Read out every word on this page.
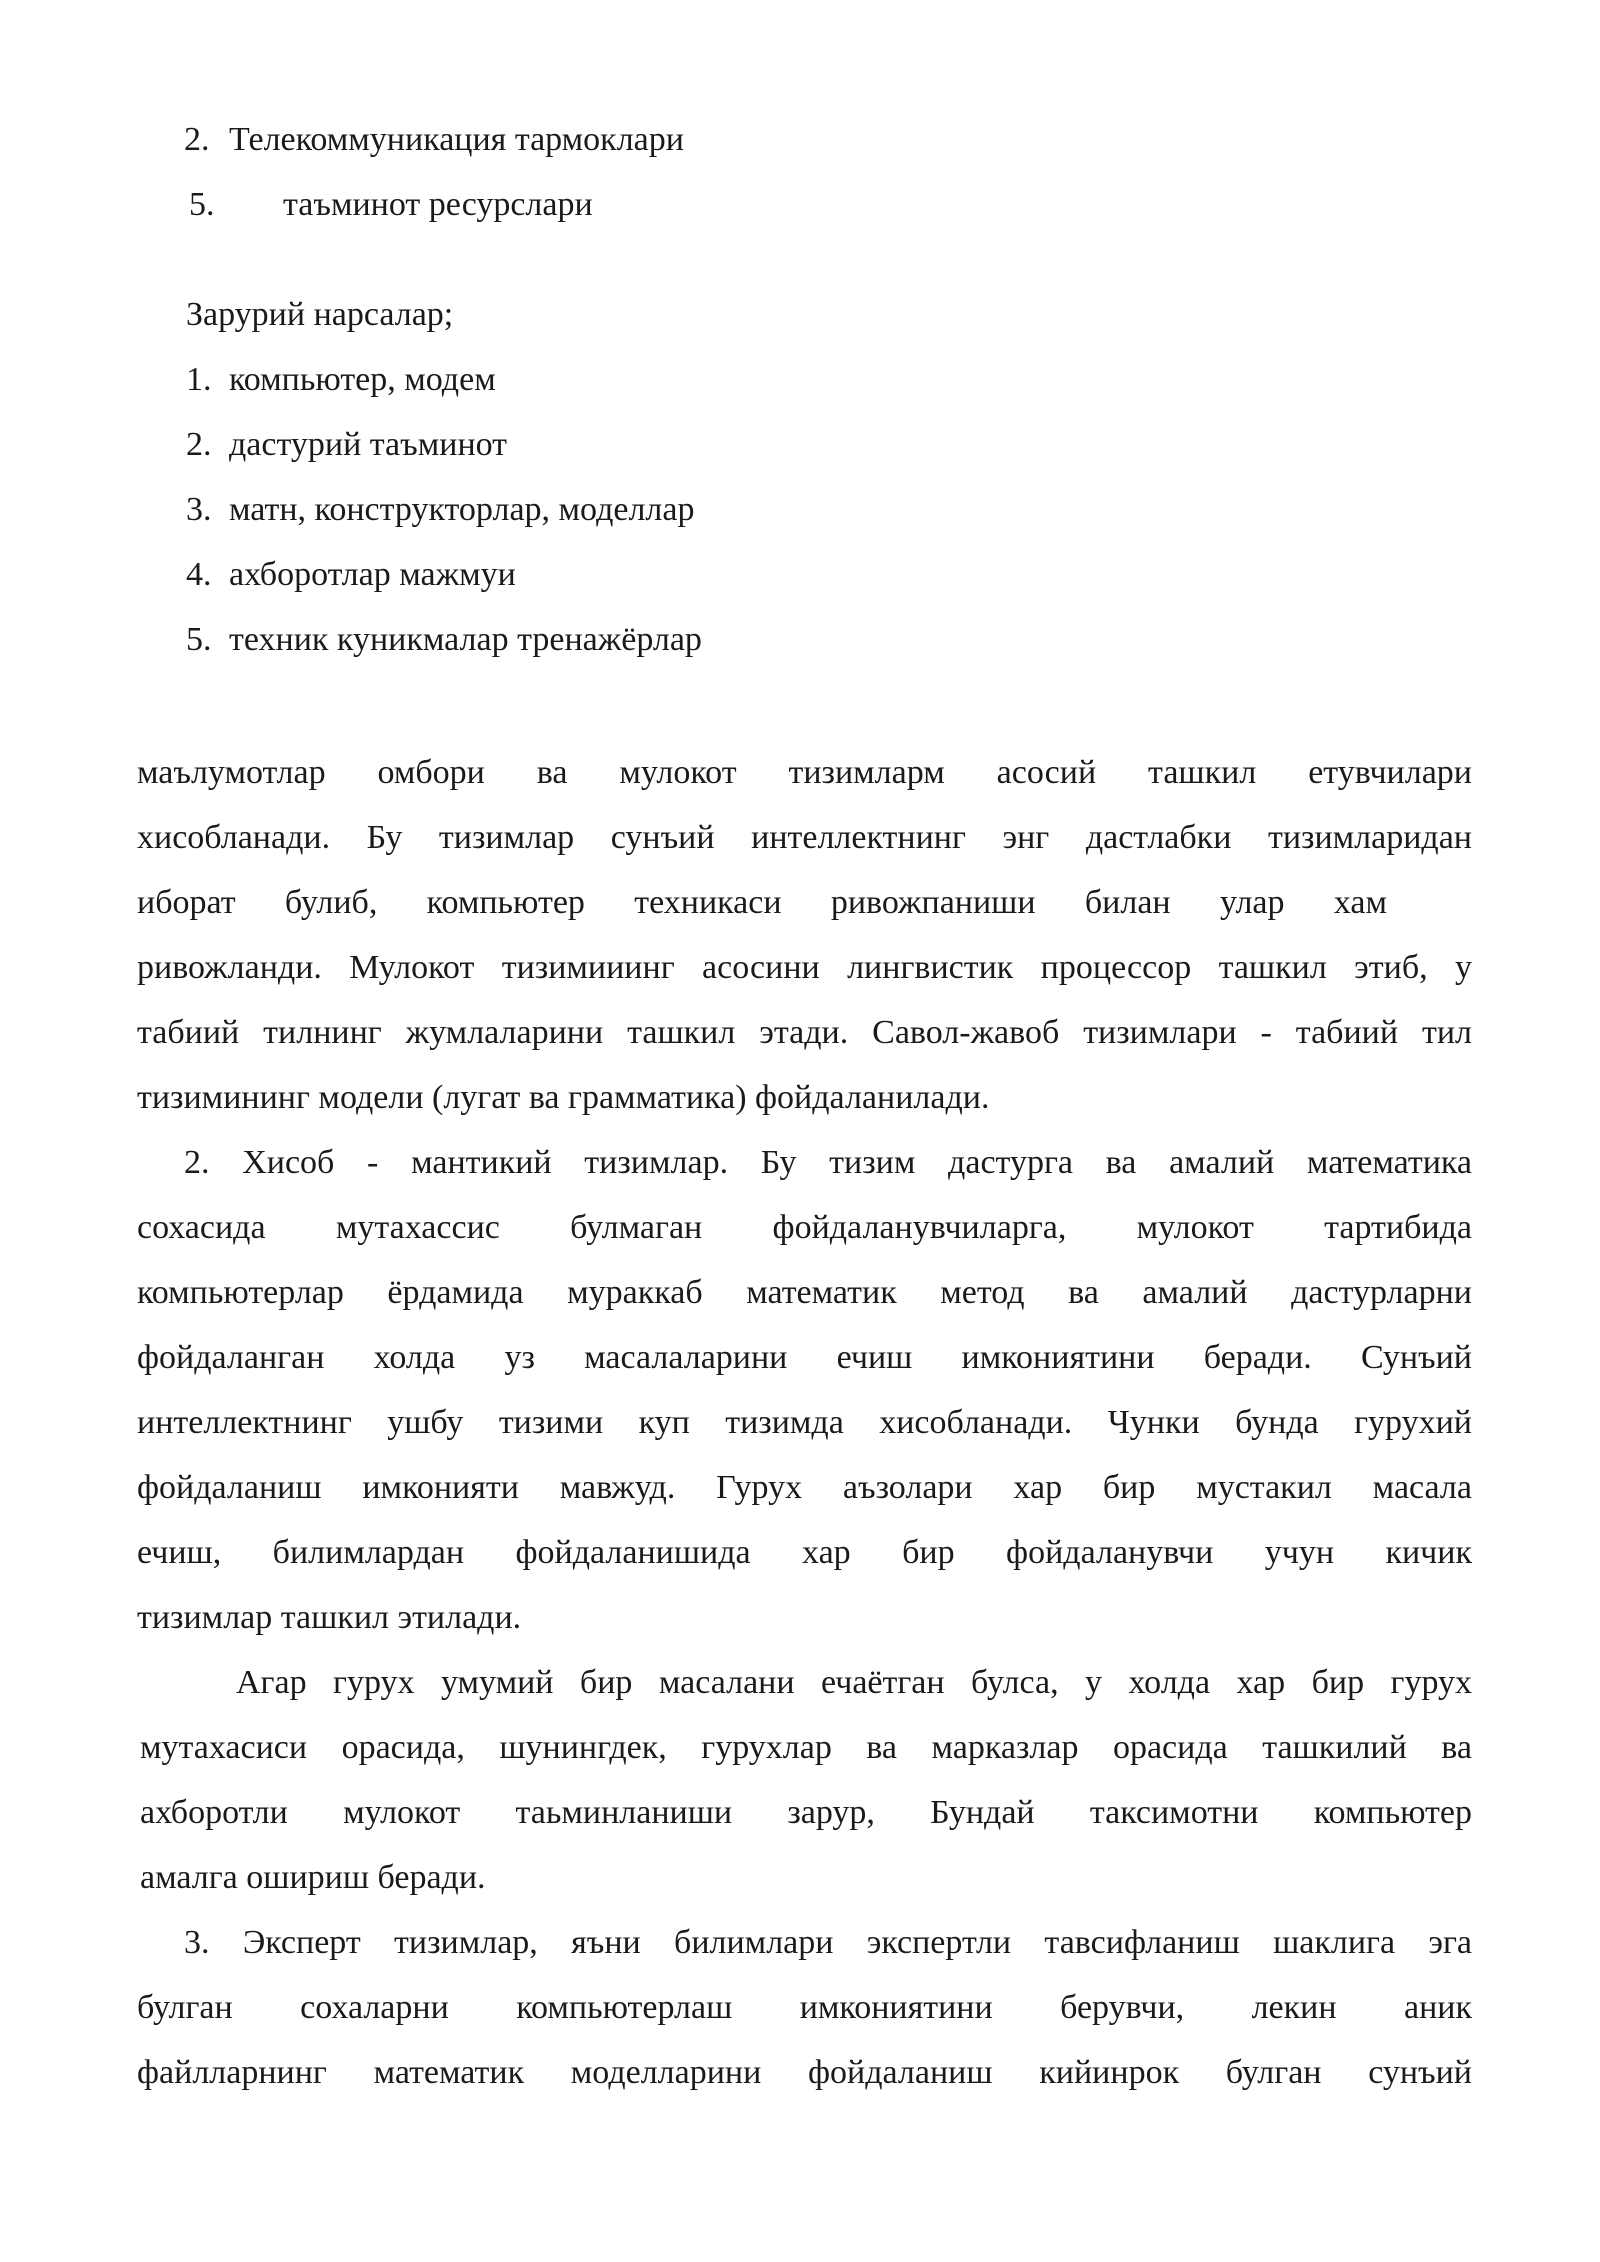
2. Телекоммуникация тармоклари
5. таъминот ресурслари
Зарурий нарсалар;
1. компьютер, модем
2. дастурий таъминот
3. матн, конструкторлар, моделлар
4. ахборотлар мажмуи
5. техник куникмалар тренажёрлар
маълумотлар омбори ва мулокот тизимларм асосий ташкил етувчилари
хисобланади. Бу тизимлар сунъий интеллектнинг энг дастлабки тизимларидан
иборат булиб, компьютер техникаси ривожпаниши билан улар хам
ривожланди. Мулокот тизимииинг асосини лингвистик процессор ташкил этиб, у
табиий тилнинг жумлаларини ташкил этади. Савол-жавоб тизимлари - табиий тил
тизимининг модели (лугат ва грамматика) фойдаланилади.
2. Хисоб - мантикий тизимлар. Бу тизим дастурга ва амалий математика
сохасида мутахассис булмаган фойдаланувчиларга, мулокот тартибида
компьютерлар ёрдамида мураккаб математик метод ва амалий дастурларни
фойдаланган холда уз масалаларини ечиш имкониятини беради. Сунъий
интеллектнинг ушбу тизими куп тизимда хисобланади. Чунки бунда гурухий
фойдаланиш имконияти мавжуд. Гурух аъзолари хар бир мустакил масала
ечиш, билимлардан фойдаланишида хар бир фойдаланувчи учун кичик
тизимлар ташкил этилади.
Агар гурух умумий бир масалани ечаётган булса, у холда хар бир гурух
мутахасиси орасида, шунингдек, гурухлар ва марказлар орасида ташкилий ва
ахборотли мулокот таьминланиши зарур, Бундай таксимотни компьютер
амалга ошириш беради.
3. Эксперт тизимлар, яъни билимлари экспертли тавсифланиш шаклига эга
булган сохаларни компьютерлаш имкониятини берувчи, лекин аник
файлларнинг математик моделларини фойдаланиш кийинрок булган сунъий
